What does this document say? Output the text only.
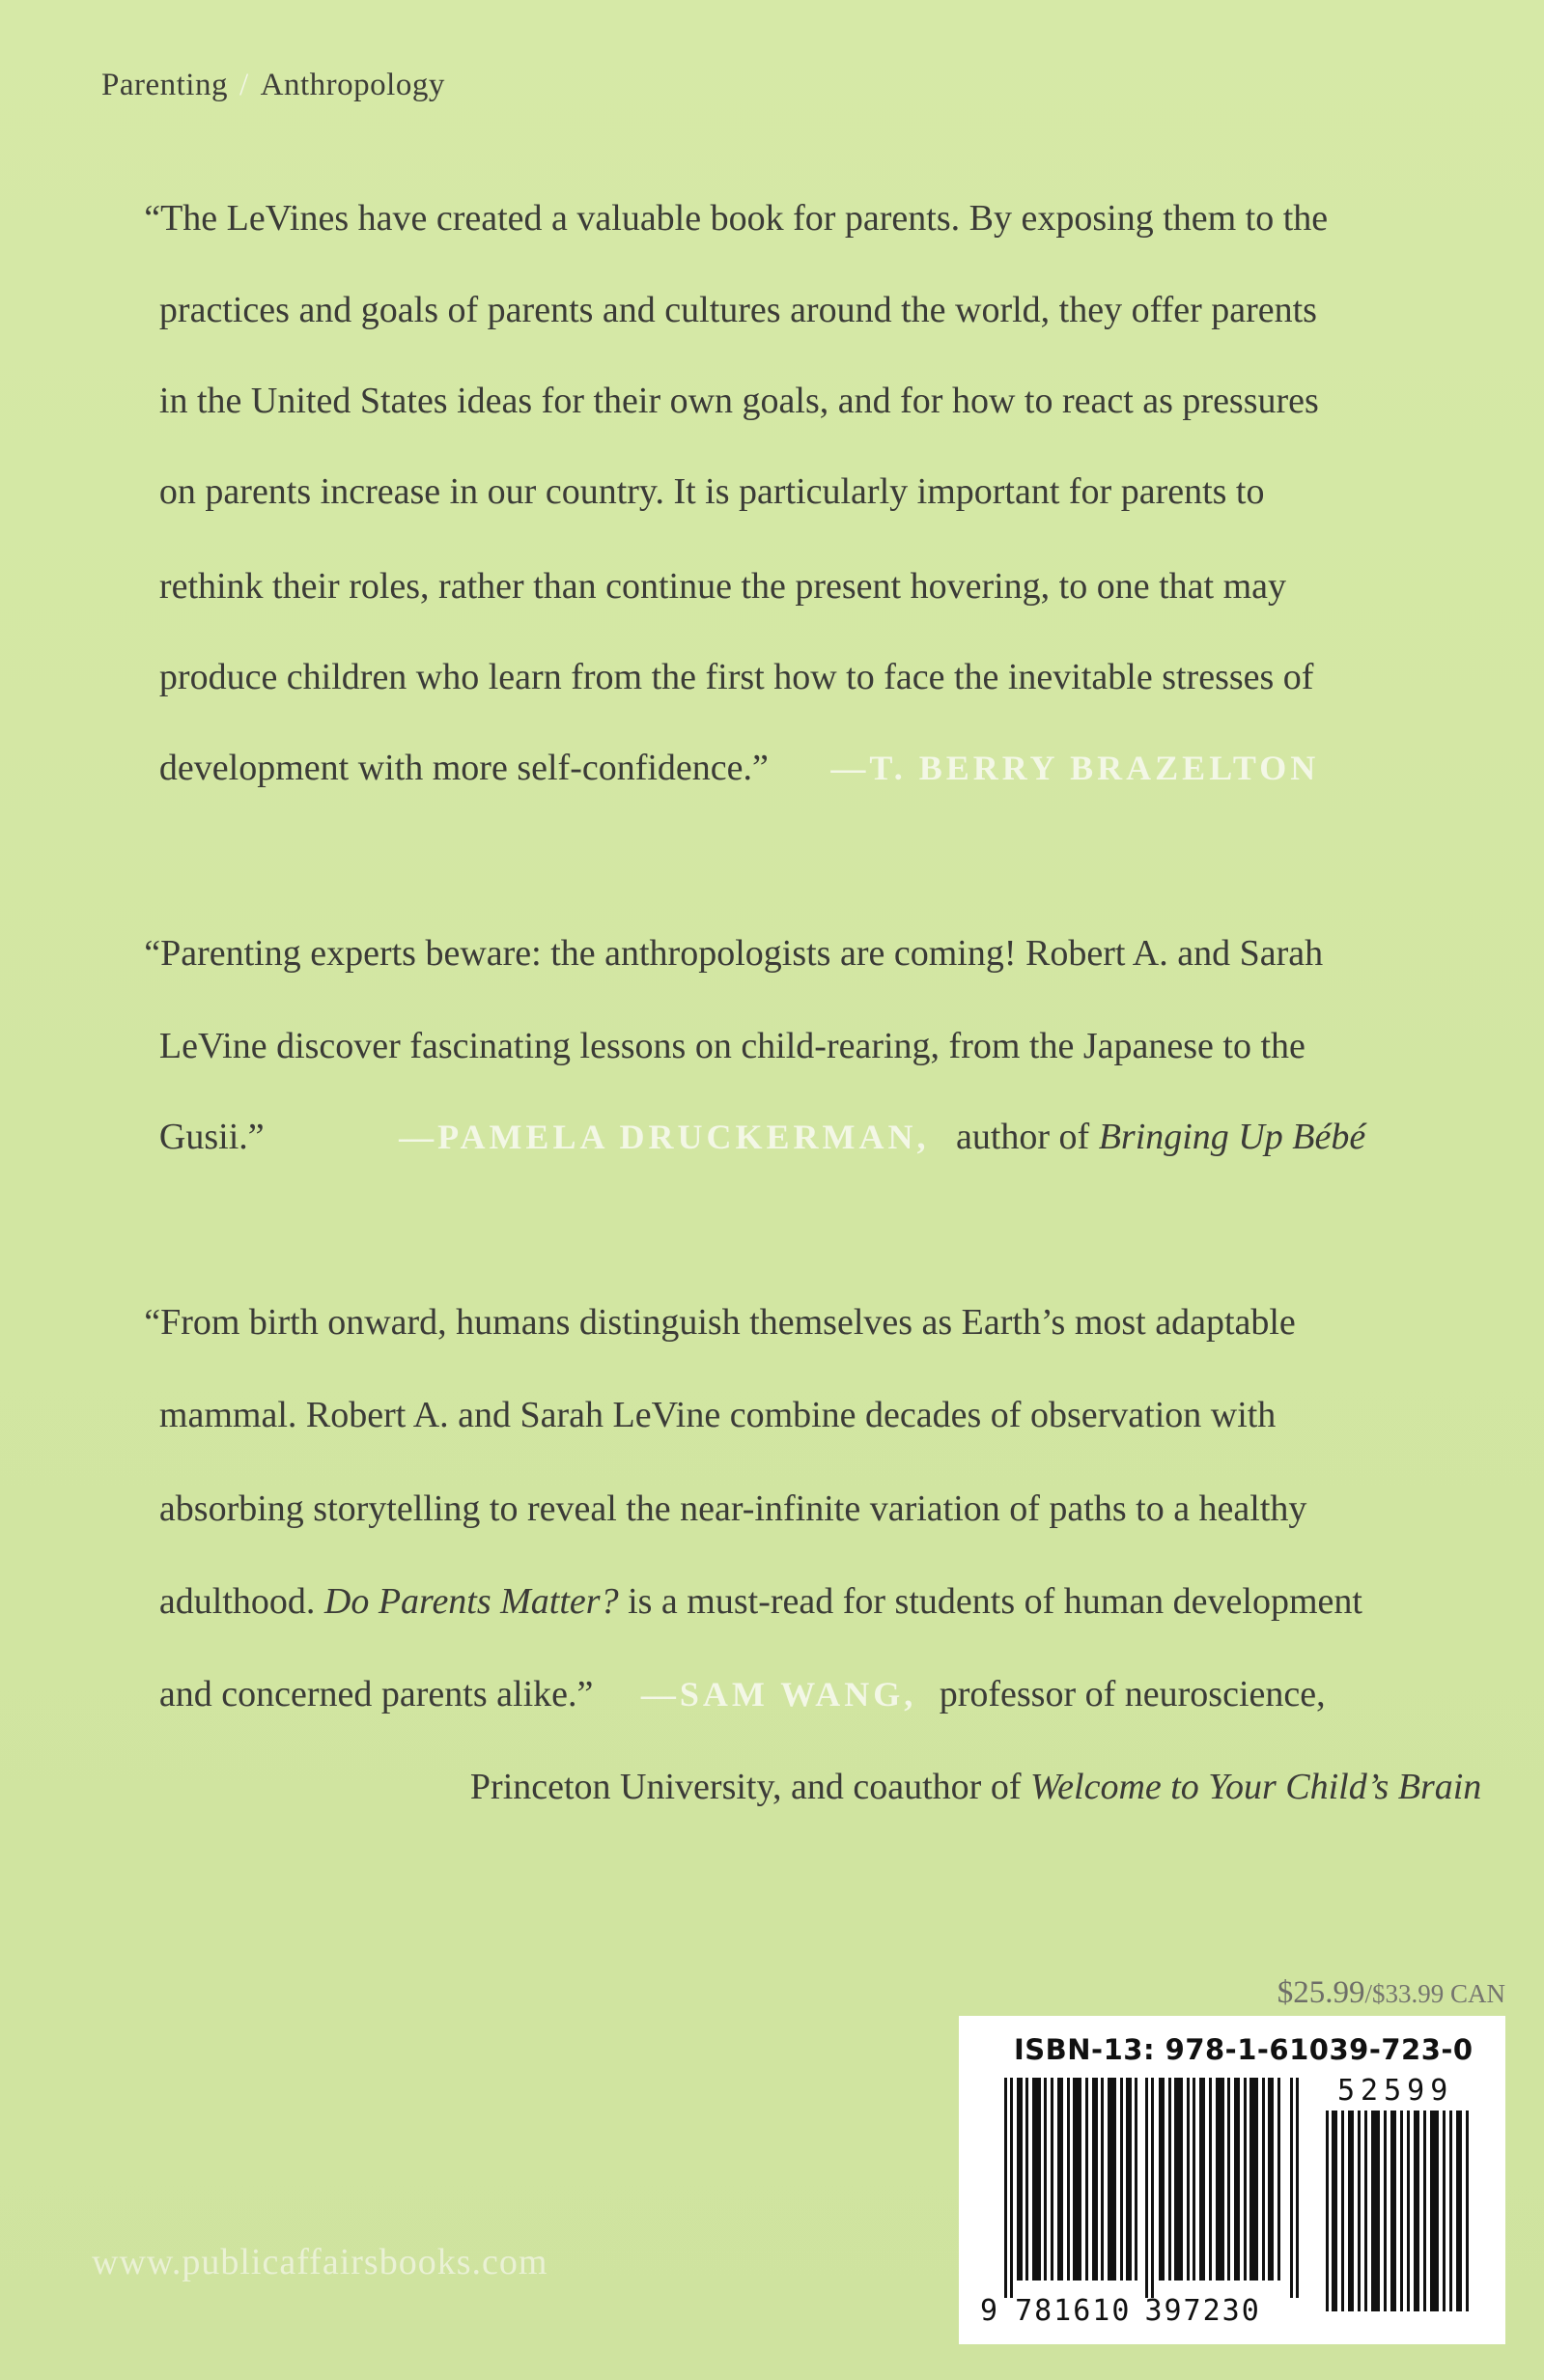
Parenting / Anthropology
“The LeVines have created a valuable book for parents. By exposing them to the
practices and goals of parents and cultures around the world, they offer parents
in the United States ideas for their own goals, and for how to react as pressures
on parents increase in our country. It is particularly important for parents to
rethink their roles, rather than continue the present hovering, to one that may
produce children who learn from the first how to face the inevitable stresses of
development with more self-confidence.” —T. BERRY BRAZELTON
“Parenting experts beware: the anthropologists are coming! Robert A. and Sarah
LeVine discover fascinating lessons on child-rearing, from the Japanese to the
Gusii.”	—PAMELA DRUCKERMAN, author of Bringing Up Bébé
“From birth onward, humans distinguish themselves as Earth’s most adaptable
mammal. Robert A. and Sarah LeVine combine decades of observation with
absorbing storytelling to reveal the near-infinite variation of paths to a healthy
adulthood. Do Parents Matter? is a must-read for students of human development
and concerned parents alike.” —SAM WANG, professor of neuroscience,
Princeton University, and coauthor of Welcome to Your Child’s Brain
$25.99/$33.99 CAN
ISBN-13: 978-1-61039-723-0
52599
9 781610 397230
www.publicaffairsbooks.com
